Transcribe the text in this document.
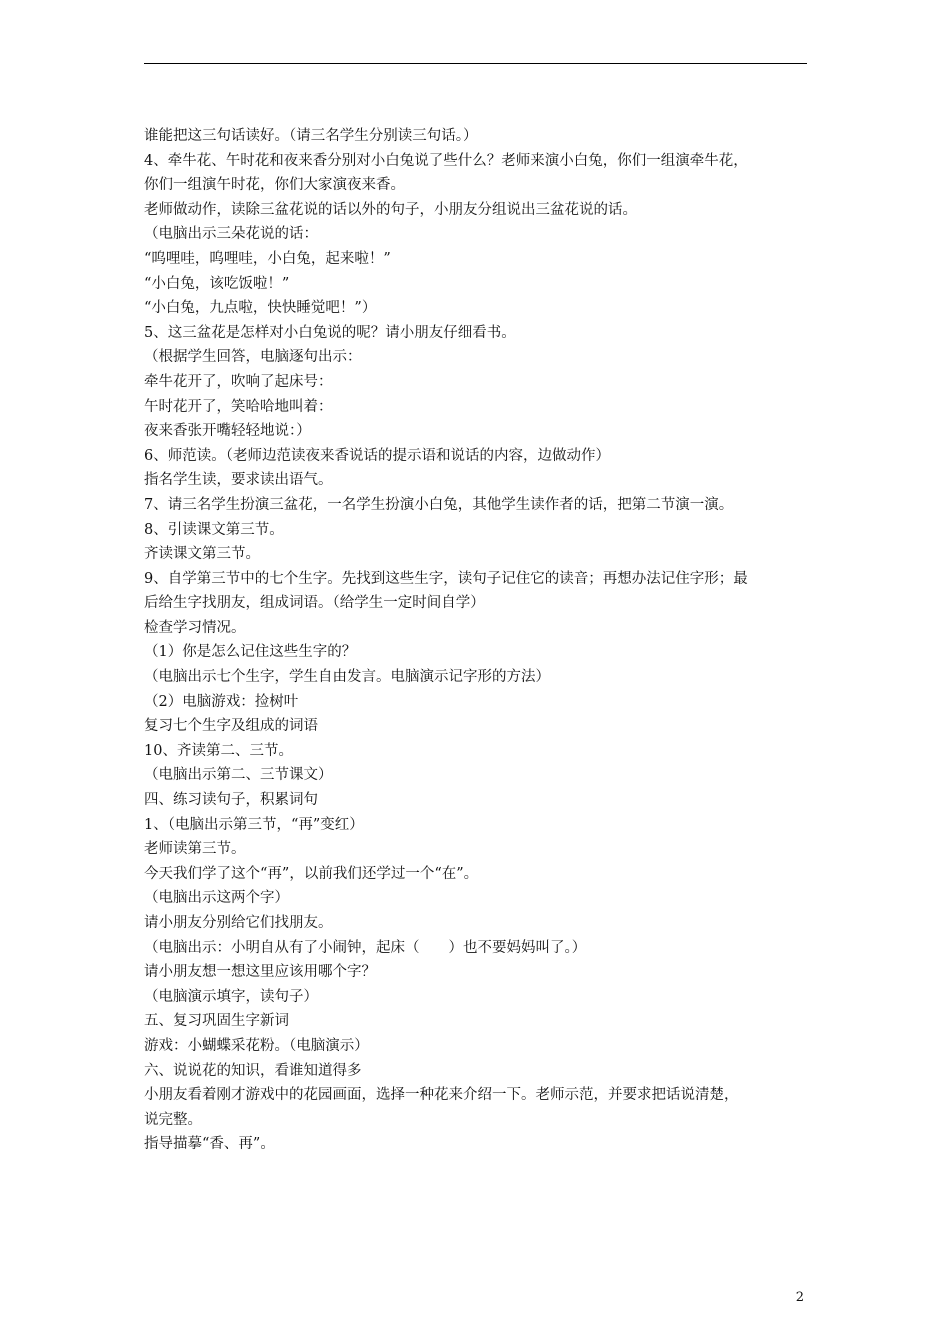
谁能把这三句话读好。（请三名学生分别读三句话。）
4、牵牛花、午时花和夜来香分别对小白兔说了些什么？老师来演小白兔，你们一组演牵牛花，
你们一组演午时花，你们大家演夜来香。
老师做动作，读除三盆花说的话以外的句子，小朋友分组说出三盆花说的话。
（电脑出示三朵花说的话：
“呜哩哇，呜哩哇，小白兔，起来啦！”
“小白兔，该吃饭啦！”
“小白兔，九点啦，快快睡觉吧！”）
5、这三盆花是怎样对小白兔说的呢？请小朋友仔细看书。
（根据学生回答，电脑逐句出示：
牵牛花开了，吹响了起床号：
午时花开了，笑哈哈地叫着：
夜来香张开嘴轻轻地说：）
6、师范读。（老师边范读夜来香说话的提示语和说话的内容，边做动作）
指名学生读，要求读出语气。
7、请三名学生扮演三盆花，一名学生扮演小白兔，其他学生读作者的话，把第二节演一演。
8、引读课文第三节。
齐读课文第三节。
9、自学第三节中的七个生字。先找到这些生字，读句子记住它的读音；再想办法记住字形；最
后给生字找朋友，组成词语。（给学生一定时间自学）
检查学习情况。
（1）你是怎么记住这些生字的？
（电脑出示七个生字，学生自由发言。电脑演示记字形的方法）
（2）电脑游戏：捡树叶
复习七个生字及组成的词语
10、齐读第二、三节。
（电脑出示第二、三节课文）
四、练习读句子，积累词句
1、（电脑出示第三节，“再”变红）
老师读第三节。
今天我们学了这个“再”，以前我们还学过一个“在”。
（电脑出示这两个字）
请小朋友分别给它们找朋友。
（电脑出示：小明自从有了小闹钟，起床（　　）也不要妈妈叫了。）
请小朋友想一想这里应该用哪个字？
（电脑演示填字，读句子）
五、复习巩固生字新词
游戏：小蝴蝶采花粉。（电脑演示）
六、说说花的知识，看谁知道得多
小朋友看着刚才游戏中的花园画面，选择一种花来介绍一下。老师示范，并要求把话说清楚，
说完整。
指导描摹“香、再”。
2
